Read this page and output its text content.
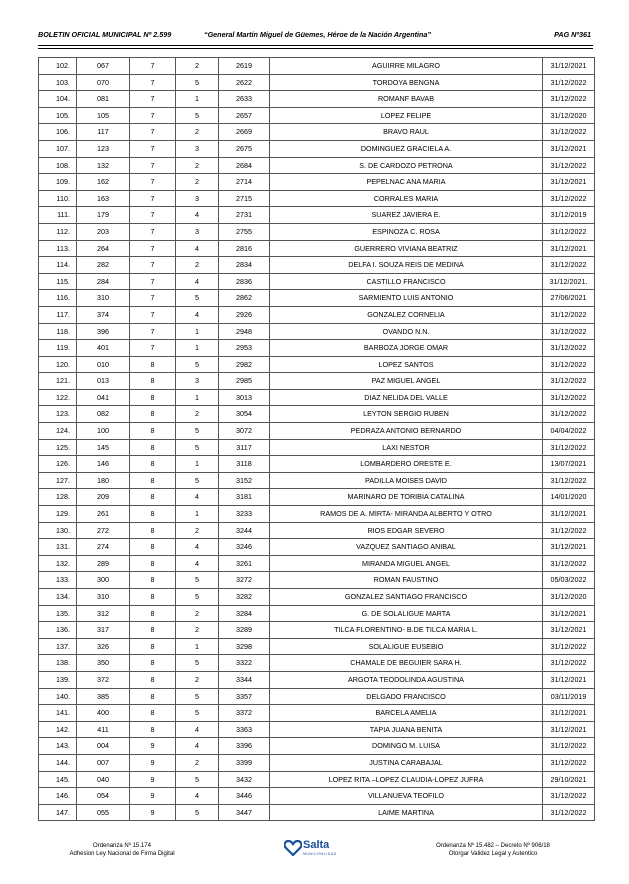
BOLETIN OFICIAL MUNICIPAL Nº 2.599	“General Martín Miguel de Güemes, Héroe de la Nación Argentina”	PAG Nº361
102.	067	7	2	2619	AGUIRRE MILAGRO	31/12/2021
103.	070	7	5	2622	TORDOYA BENGNA	31/12/2022
104.	081	7	1	2633	ROMANF BAVAB	31/12/2022
105.	105	7	5	2657	LOPEZ FELIPE	31/12/2020
106.	117	7	2	2669	BRAVO RAUL	31/12/2022
107.	123	7	3	2675	DOMINGUEZ GRACIELA A.	31/12/2021
108.	132	7	2	2684	S. DE CARDOZO PETRONA	31/12/2022
109.	162	7	2	2714	PEPELNAC ANA MARIA	31/12/2021
110.	163	7	3	2715	CORRALES MARIA	31/12/2022
111.	179	7	4	2731	SUAREZ JAVIERA E.	31/12/2019
112.	203	7	3	2755	ESPINOZA C. ROSA	31/12/2022
113.	264	7	4	2816	GUERRERO VIVIANA BEATRIZ	31/12/2021
114.	282	7	2	2834	DELFA I. SOUZA REIS DE MEDINA	31/12/2022
115.	284	7	4	2836	CASTILLO FRANCISCO	31/12/2021.
116.	310	7	5	2862	SARMIENTO LUIS ANTONIO	27/06/2021
117.	374	7	4	2926	GONZALEZ CORNELIA	31/12/2022
118.	396	7	1	2948	OVANDO N.N.	31/12/2022
119.	401	7	1	2953	BARBOZA JORGE OMAR	31/12/2022
120.	010	8	5	2982	LOPEZ SANTOS	31/12/2022
121.	013	8	3	2985	PAZ MIGUEL ANGEL	31/12/2022
122.	041	8	1	3013	DIAZ NELIDA DEL VALLE	31/12/2022
123.	082	8	2	3054	LEYTON SERGIO RUBEN	31/12/2022
124.	100	8	5	3072	PEDRAZA ANTONIO BERNARDO	04/04/2022
125.	145	8	5	3117	LAXI NESTOR	31/12/2022
126.	146	8	1	3118	LOMBARDERO ORESTE E.	13/07/2021
127.	180	8	5	3152	PADILLA MOISES DAVID	31/12/2022
128.	209	8	4	3181	MARINARO DE TORIBIA CATALINA	14/01/2020
129.	261	8	1	3233	RAMOS DE A. MIRTA- MIRANDA ALBERTO Y OTRO	31/12/2021
130.	272	8	2	3244	RIOS EDGAR SEVERO	31/12/2022
131.	274	8	4	3246	VAZQUEZ SANTIAGO ANIBAL	31/12/2021
132.	289	8	4	3261	MIRANDA MIGUEL ANGEL	31/12/2022
133.	300	8	5	3272	ROMAN FAUSTINO	05/03/2022
134.	310	8	5	3282	GONZALEZ SANTIAGO FRANCISCO	31/12/2020
135.	312	8	2	3284	G. DE SOLALIGUE MARTA	31/12/2021
136.	317	8	2	3289	TILCA FLORENTINO- B.DE TILCA MARIA L.	31/12/2021
137.	326	8	1	3298	SOLALIGUE EUSEBIO	31/12/2022
138.	350	8	5	3322	CHAMALE DE BEGUIER SARA H.	31/12/2022
139.	372	8	2	3344	ARGOTA TEODOLINDA AGUSTINA	31/12/2021
140.	385	8	5	3357	DELGADO FRANCISCO	03/11/2019
141.	400	8	5	3372	BARCELA AMELIA	31/12/2021
142.	411	8	4	3363	TAPIA JUANA BENITA	31/12/2021
143.	004	9	4	3396	DOMINGO M. LUISA	31/12/2022
144.	007	9	2	3399	JUSTINA CARABAJAL	31/12/2022
145.	040	9	5	3432	LOPEZ RITA –LOPEZ CLAUDIA-LOPEZ JUFRA	29/10/2021
146.	054	9	4	3446	VILLANUEVA TEOFILO	31/12/2022
147.	055	9	5	3447	LAIME MARTINA	31/12/2022
Ordenanza Nº 15.174
Adhesion Ley Nacional de Firma Digital
Salta
MUNICIPALIDAD
Ordenanza Nº 15.482 – Decreto Nº 906/18
Otorgar Validez Legal y Autentico
